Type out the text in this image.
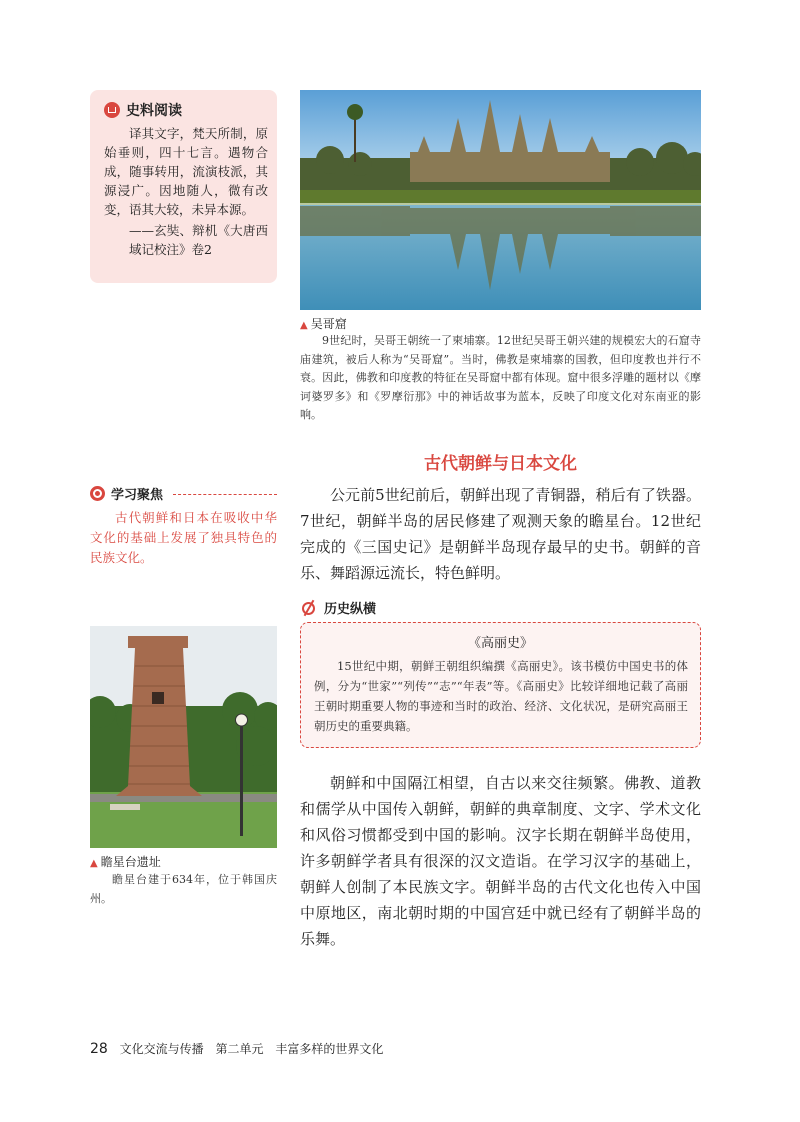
史料阅读

译其文字，梵天所制，原始垂则，四十七言。遇物合成，随事转用，流演枝派，其源浸广。因地随人，微有改变，语其大较，未异本源。

——玄奘、辩机《大唐西域记校注》卷2

▲ 吴哥窟

9世纪时，吴哥王朝统一了柬埔寨。12世纪吴哥王朝兴建的规模宏大的石窟寺庙建筑，被后人称为“吴哥窟”。当时，佛教是柬埔寨的国教，但印度教也并行不衰。因此，佛教和印度教的特征在吴哥窟中都有体现。窟中很多浮雕的题材以《摩诃婆罗多》和《罗摩衍那》中的神话故事为蓝本，反映了印度文化对东南亚的影响。

古代朝鲜与日本文化
学习聚焦
古代朝鲜和日本在吸收中华文化的基础上发展了独具特色的民族文化。

公元前5世纪前后，朝鲜出现了青铜器，稍后有了铁器。7世纪，朝鲜半岛的居民修建了观测天象的瞻星台。12世纪完成的《三国史记》是朝鲜半岛现存最早的史书。朝鲜的音乐、舞蹈源远流长，特色鲜明。

历史纵横
《高丽史》
15世纪中期，朝鲜王朝组织编撰《高丽史》。该书模仿中国史书的体例，分为“世家”“列传”“志”“年表”等。《高丽史》比较详细地记载了高丽王朝时期重要人物的事迹和当时的政治、经济、文化状况，是研究高丽王朝历史的重要典籍。
▲ 瞻星台遗址

瞻星台建于634年，位于韩国庆州。

朝鲜和中国隔江相望，自古以来交往频繁。佛教、道教和儒学从中国传入朝鲜，朝鲜的典章制度、文字、学术文化和风俗习惯都受到中国的影响。汉字长期在朝鲜半岛使用，许多朝鲜学者具有很深的汉文造诣。在学习汉字的基础上，朝鲜人创制了本民族文字。朝鲜半岛的古代文化也传入中国中原地区，南北朝时期的中国宫廷中就已经有了朝鲜半岛的乐舞。

28 文化交流与传播 第二单元 丰富多样的世界文化
